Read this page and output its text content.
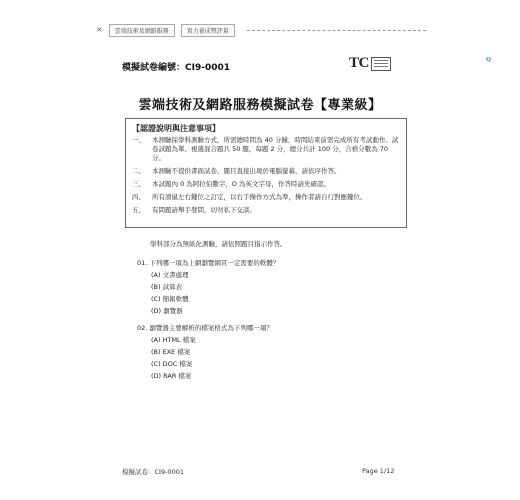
×	雲端技術及網路服務	實力養成暨評量
模擬試卷編號：CI9-0001	T	Q
C
雲端技術及網路服務模擬試卷【專業級】
【認證說明與注意事項】
一、	本測驗採學科測驗方式，所需總時間為 40 分鐘，時間結束前需完成所有考試動作。試卷試題為單、複選混合題共 50 題，每題 2 分，總分共計 100 分，合格分數為 70 分。
二、	本測驗不提供書面試卷，題目直接出現於電腦螢幕，請依序作答。
三、	本試題內 0 為阿拉伯數字，O 為英文字母，作答時請先確認。
四、	所有滑鼠左右鍵位之訂定，以右手操作方式為準，操作者請自行對應鍵位。
五、	有問題請舉手發問，切勿私下交談。
學科部分為無紙化測驗，請依照題目指示作答。
01. 下列哪一項為上網瀏覽網頁一定需要的軟體？
(A) 文書處理
(B) 試算表
(C) 簡報軟體
(D) 瀏覽器
02. 瀏覽器主要解析的檔案格式為下列哪一項？
(A) HTML 檔案
(B) EXE 檔案
(C) DOC 檔案
(D) RAR 檔案
模擬試卷：CI9-0001	Page 1/12
